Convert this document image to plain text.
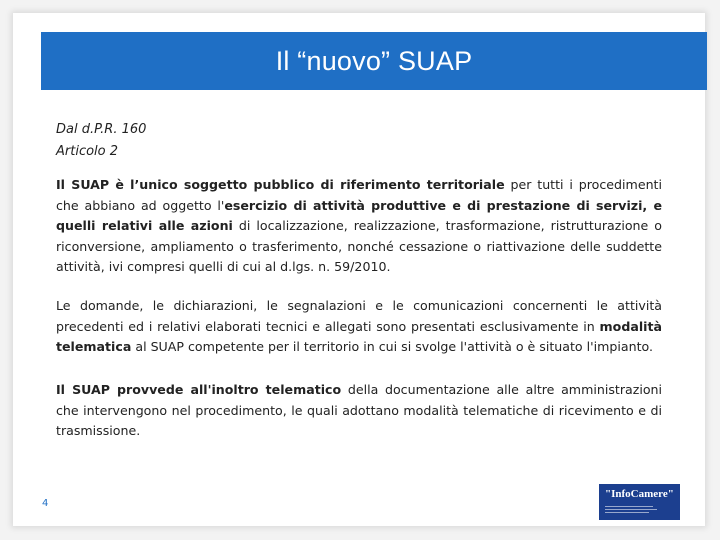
Il “nuovo” SUAP
Dal d.P.R. 160
Articolo 2

Il SUAP è l’unico soggetto pubblico di riferimento territoriale per tutti i procedimenti che abbiano ad oggetto l'esercizio di attività produttive e di prestazione di servizi, e quelli relativi alle azioni di localizzazione, realizzazione, trasformazione, ristrutturazione o riconversione, ampliamento o trasferimento, nonché cessazione o riattivazione delle suddette attività, ivi compresi quelli di cui al d.lgs. n. 59/2010.

Le domande, le dichiarazioni, le segnalazioni e le comunicazioni concernenti le attività precedenti ed i relativi elaborati tecnici e allegati sono presentati esclusivamente in modalità telematica al SUAP competente per il territorio in cui si svolge l'attività o è situato l'impianto.

Il SUAP provvede all'inoltro telematico della documentazione alle altre amministrazioni che intervengono nel procedimento, le quali adottano modalità telematiche di ricevimento e di trasmissione.

4
"InfoCamere"
